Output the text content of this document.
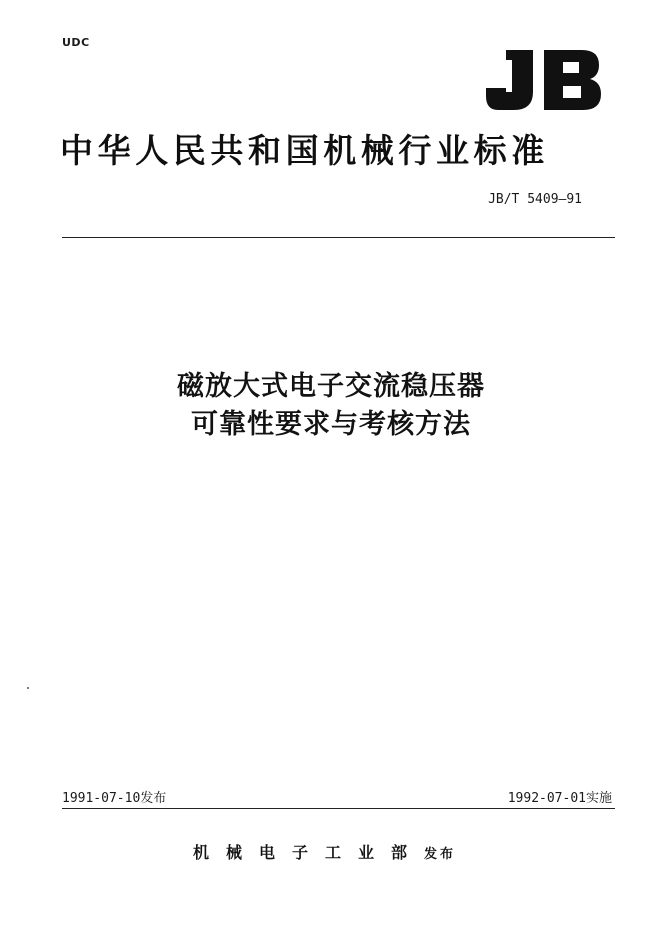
UDC
中华人民共和国机械行业标准
JB/T 5409—91
磁放大式电子交流稳压器
可靠性要求与考核方法
1991-07-10发布	1992-07-01实施
机械电子工业部发布
